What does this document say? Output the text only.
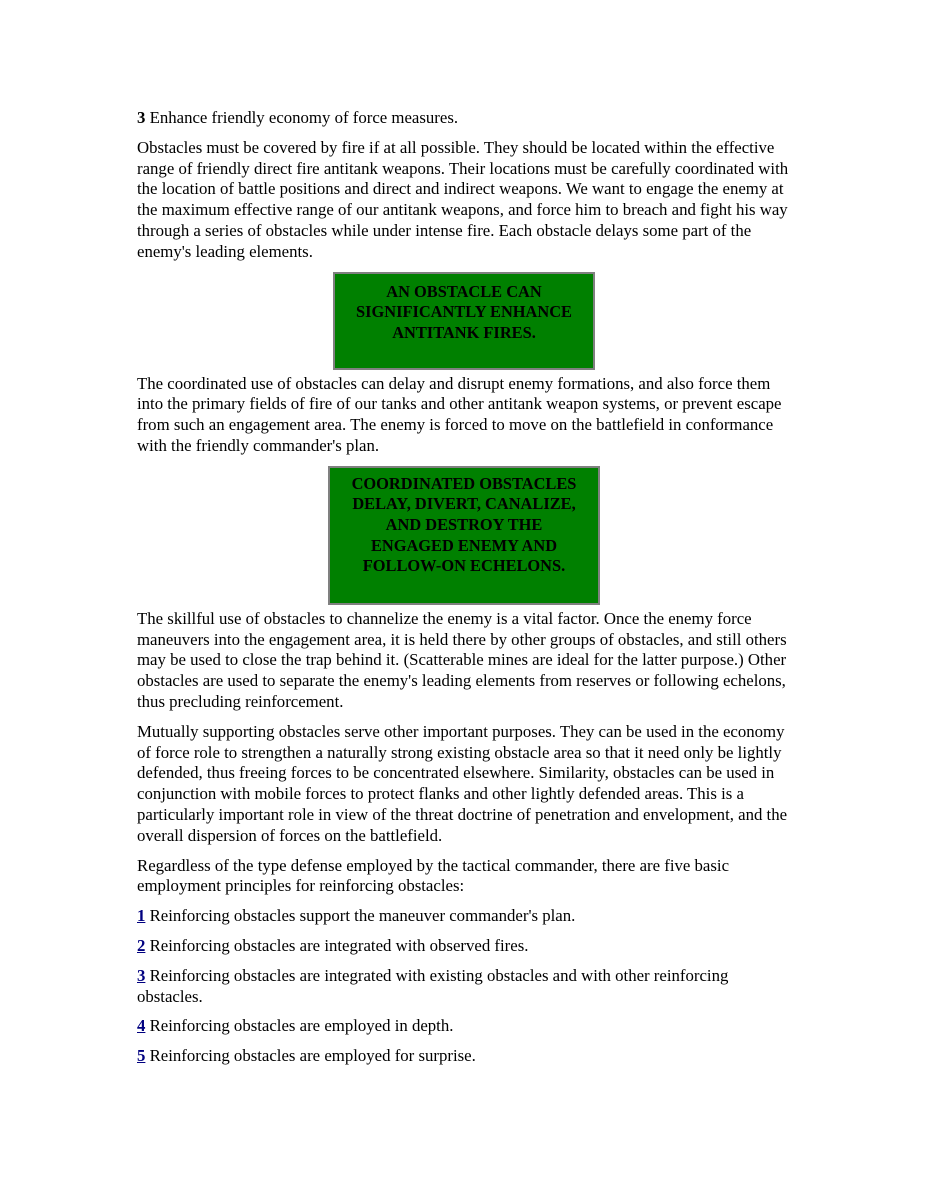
3 Enhance friendly economy of force measures.

Obstacles must be covered by fire if at all possible. They should be located within the effective range of friendly direct fire antitank weapons. Their locations must be carefully coordinated with the location of battle positions and direct and indirect weapons. We want to engage the enemy at the maximum effective range of our antitank weapons, and force him to breach and fight his way through a series of obstacles while under intense fire. Each obstacle delays some part of the enemy's leading elements.

AN OBSTACLE CAN
SIGNIFICANTLY ENHANCE
ANTITANK FIRES.

The coordinated use of obstacles can delay and disrupt enemy formations, and also force them into the primary fields of fire of our tanks and other antitank weapon systems, or prevent escape from such an engagement area. The enemy is forced to move on the battlefield in conformance with the friendly commander's plan.

COORDINATED OBSTACLES
DELAY, DIVERT, CANALIZE,
AND DESTROY THE
ENGAGED ENEMY AND
FOLLOW-ON ECHELONS.

The skillful use of obstacles to channelize the enemy is a vital factor. Once the enemy force maneuvers into the engagement area, it is held there by other groups of obstacles, and still others may be used to close the trap behind it. (Scatterable mines are ideal for the latter purpose.) Other obstacles are used to separate the enemy's leading elements from reserves or following echelons, thus precluding reinforcement.

Mutually supporting obstacles serve other important purposes. They can be used in the economy of force role to strengthen a naturally strong existing obstacle area so that it need only be lightly defended, thus freeing forces to be concentrated elsewhere. Similarity, obstacles can be used in conjunction with mobile forces to protect flanks and other lightly defended areas. This is a particularly important role in view of the threat doctrine of penetration and envelopment, and the overall dispersion of forces on the battlefield.

Regardless of the type defense employed by the tactical commander, there are five basic employment principles for reinforcing obstacles:

1 Reinforcing obstacles support the maneuver commander's plan.
2 Reinforcing obstacles are integrated with observed fires.
3 Reinforcing obstacles are integrated with existing obstacles and with other reinforcing obstacles.
4 Reinforcing obstacles are employed in depth.
5 Reinforcing obstacles are employed for surprise.
